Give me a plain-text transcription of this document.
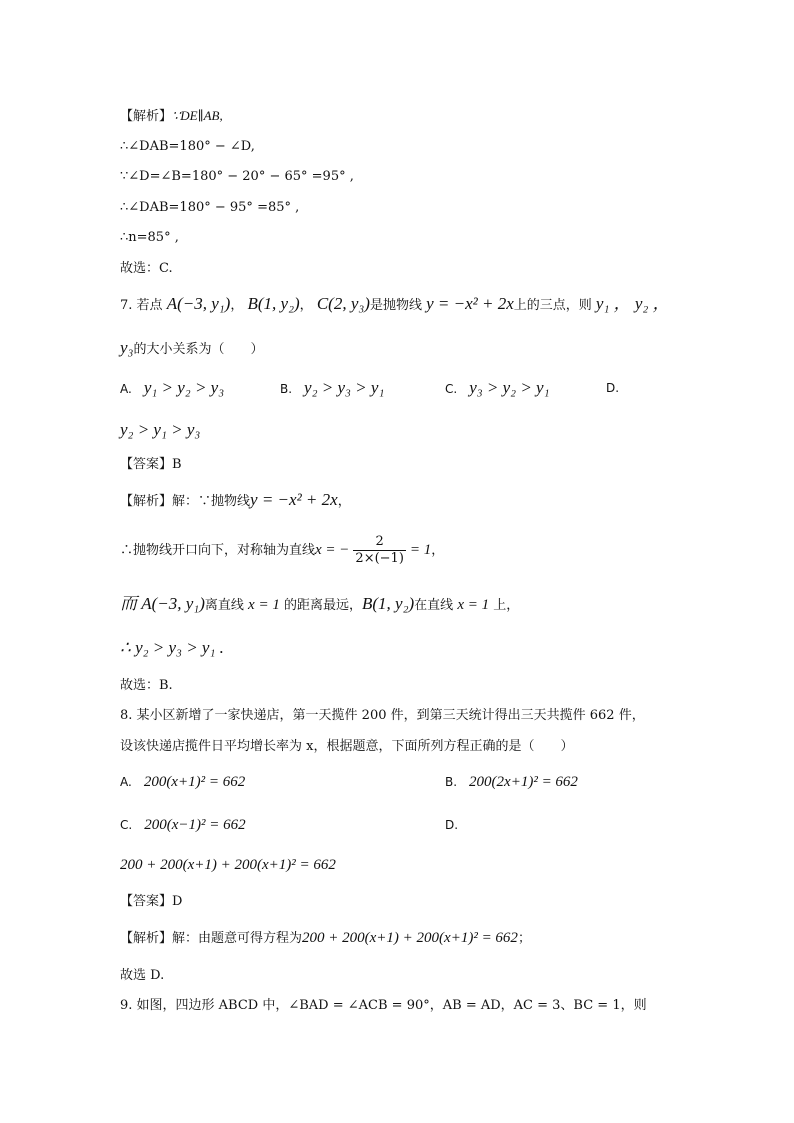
【解析】∵DE∥AB,
∴∠DAB=180° − ∠D,
∵∠D=∠B=180° − 20° − 65° =95° ,
∴∠DAB=180° − 95° =85° ,
∴n=85° ,
故选：C.
7. 若点 A(−3, y₁)， B(1, y₂)， C(2, y₃)是抛物线 y = −x² + 2x上的三点，则 y₁ ， y₂ ，
y₃的大小关系为（　　）
A. y₁ > y₂ > y₃	B. y₂ > y₃ > y₁	C. y₃ > y₂ > y₁	D.
y₂ > y₁ > y₃
【答案】B
【解析】解：∵抛物线y = −x² + 2x，
∴抛物线开口向下，对称轴为直线x = − $\frac{2}{2\times(-1)} = 1$，
而 A(−3, y₁)离直线 x = 1 的距离最远，B(1, y₂)在直线 x = 1 上，
∴ y₂ > y₃ > y₁ .
故选：B.
8. 某小区新增了一家快递店，第一天揽件 200 件，到第三天统计得出三天共揽件 662 件，
设该快递店揽件日平均增长率为 x，根据题意，下面所列方程正确的是（　　）
A. 200(x+1)² = 662	B. 200(2x+1)² = 662
C. 200(x−1)² = 662	D.
200 + 200(x+1) + 200(x+1)² = 662
【答案】D
【解析】解：由题意可得方程为200 + 200(x+1) + 200(x+1)² = 662；
故选 D.
9. 如图，四边形 ABCD 中，∠BAD = ∠ACB = 90°，AB = AD，AC = 3、BC = 1，则
